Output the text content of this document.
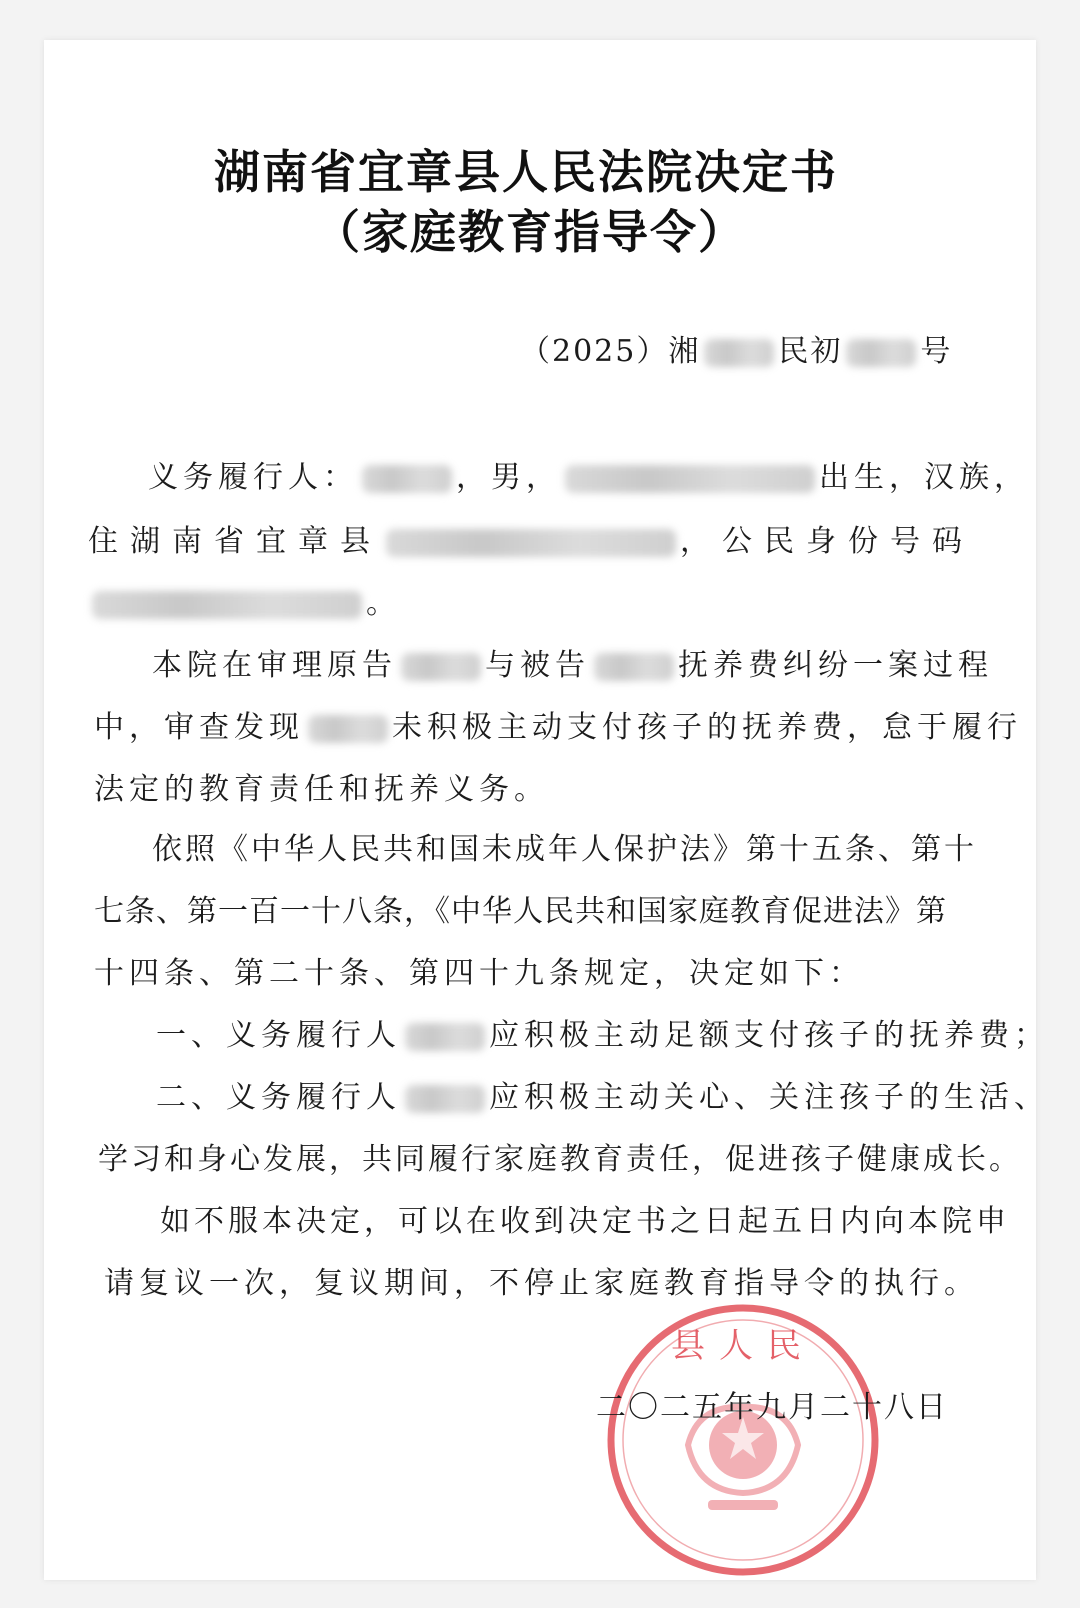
湖南省宜章县人民法院决定书
（家庭教育指导令）
（2025）湘	民初	号
义务履行人：	，男，	出生，汉族，
住湖南省宜章县	，公民身份号码
。
本院在审理原告	与被告	抚养费纠纷一案过程
中，审查发现	未积极主动支付孩子的抚养费，怠于履行
法定的教育责任和抚养义务。
依照《中华人民共和国未成年人保护法》第十五条、第十
七条、第一百一十八条，《中华人民共和国家庭教育促进法》第
十四条、第二十条、第四十九条规定，决定如下：
一、义务履行人	应积极主动足额支付孩子的抚养费；
二、义务履行人	应积极主动关心、关注孩子的生活、
学习和身心发展，共同履行家庭教育责任，促进孩子健康成长。
如不服本决定，可以在收到决定书之日起五日内向本院申
请复议一次，复议期间，不停止家庭教育指导令的执行。
县人民
二〇二五年九月二十八日
